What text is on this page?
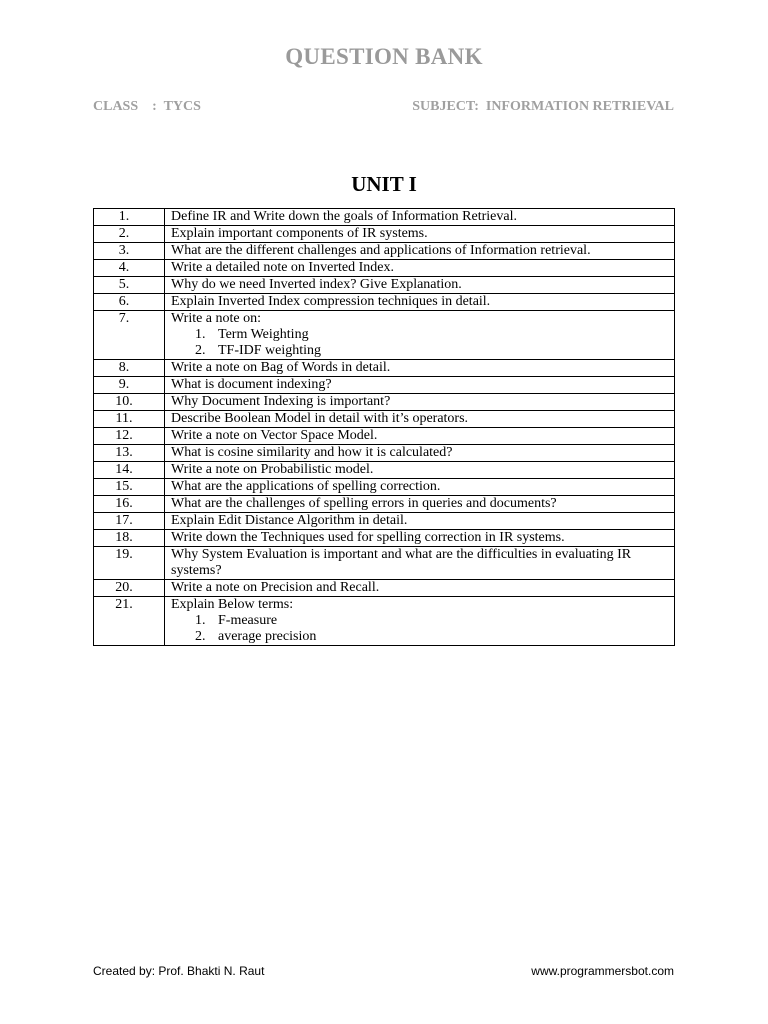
QUESTION BANK
CLASS    :  TYCS	SUBJECT: INFORMATION RETRIEVAL
UNIT I
1.	Define IR and Write down the goals of Information Retrieval.

2.	Explain important components of IR systems.

3.	What are the different challenges and applications of Information retrieval.

4.	Write a detailed note on Inverted Index.

5.	Why do we need Inverted index? Give Explanation.

6.	Explain Inverted Index compression techniques in detail.

7.	Write a note on:
1. Term Weighting
2. TF-IDF weighting

8.	Write a note on Bag of Words in detail.

9.	What is document indexing?

10.	Why Document Indexing is important?

11.	Describe Boolean Model in detail with it’s operators.

12.	Write a note on Vector Space Model.

13.	What is cosine similarity and how it is calculated?

14.	Write a note on Probabilistic model.

15.	What are the applications of spelling correction.

16.	What are the challenges of spelling errors in queries and documents?

17.	Explain Edit Distance Algorithm in detail.

18.	Write down the Techniques used for spelling correction in IR systems.

19.	Why System Evaluation is important and what are the difficulties in evaluating IR systems?

20.	Write a note on Precision and Recall.

21.	Explain Below terms:
1. F-measure
2. average precision
Created by: Prof. Bhakti N. Raut	www.programmersbot.com
